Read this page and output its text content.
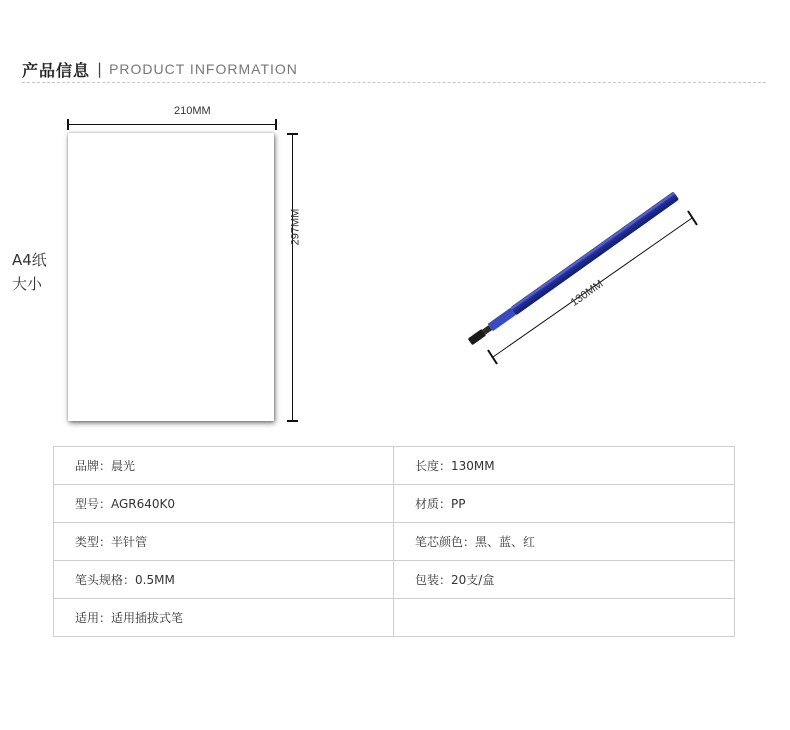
产品信息 | PRODUCT INFORMATION
210MM
297MM
A4纸
大小	130MM
品牌：晨光	长度：130MM
型号：AGR640K0	材质：PP
类型：半针管	笔芯颜色：黑、蓝、红
笔头规格：0.5MM	包装：20支/盒
适用：适用插拔式笔	
